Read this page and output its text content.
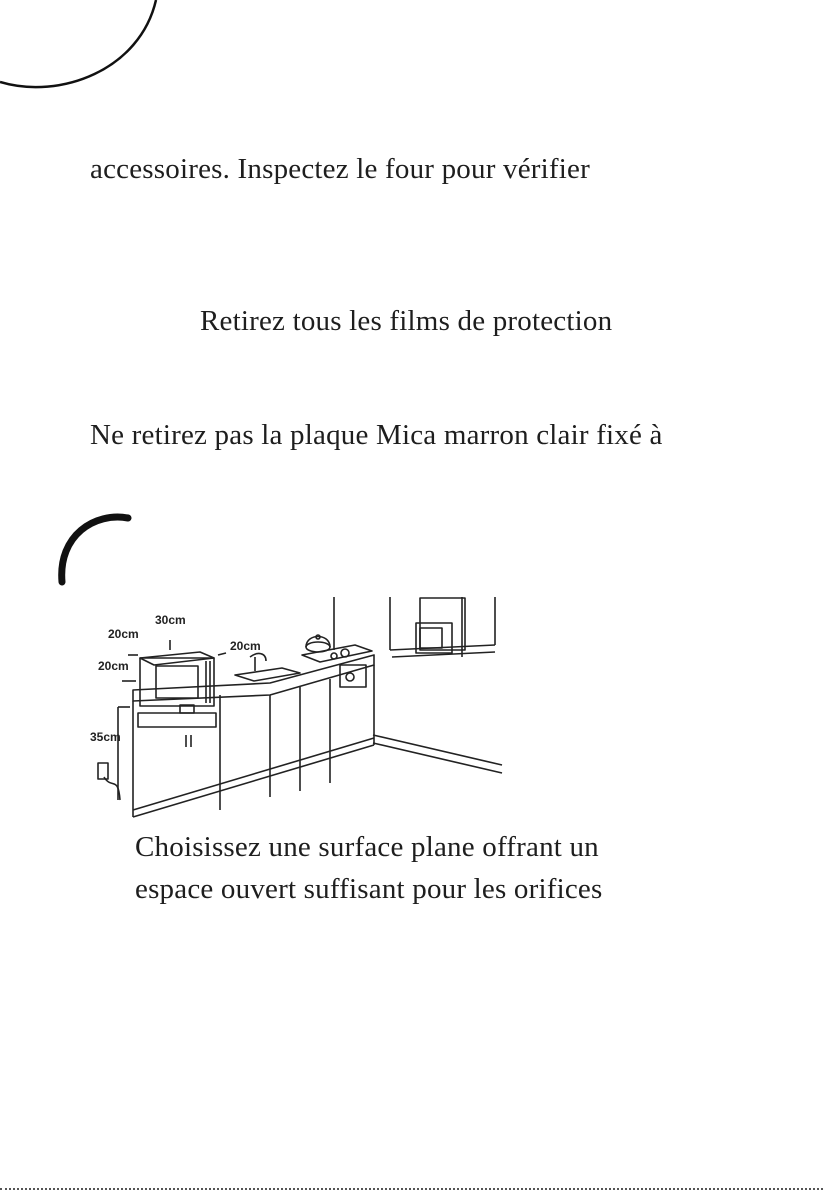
accessoires. Inspectez le four pour vérifier
Retirez tous les films de protection
Ne retirez pas la plaque Mica marron clair fixé à
30cm
20cm
20cm
20cm
35cm
Choisissez une surface plane offrant un
espace ouvert suffisant pour les orifices
